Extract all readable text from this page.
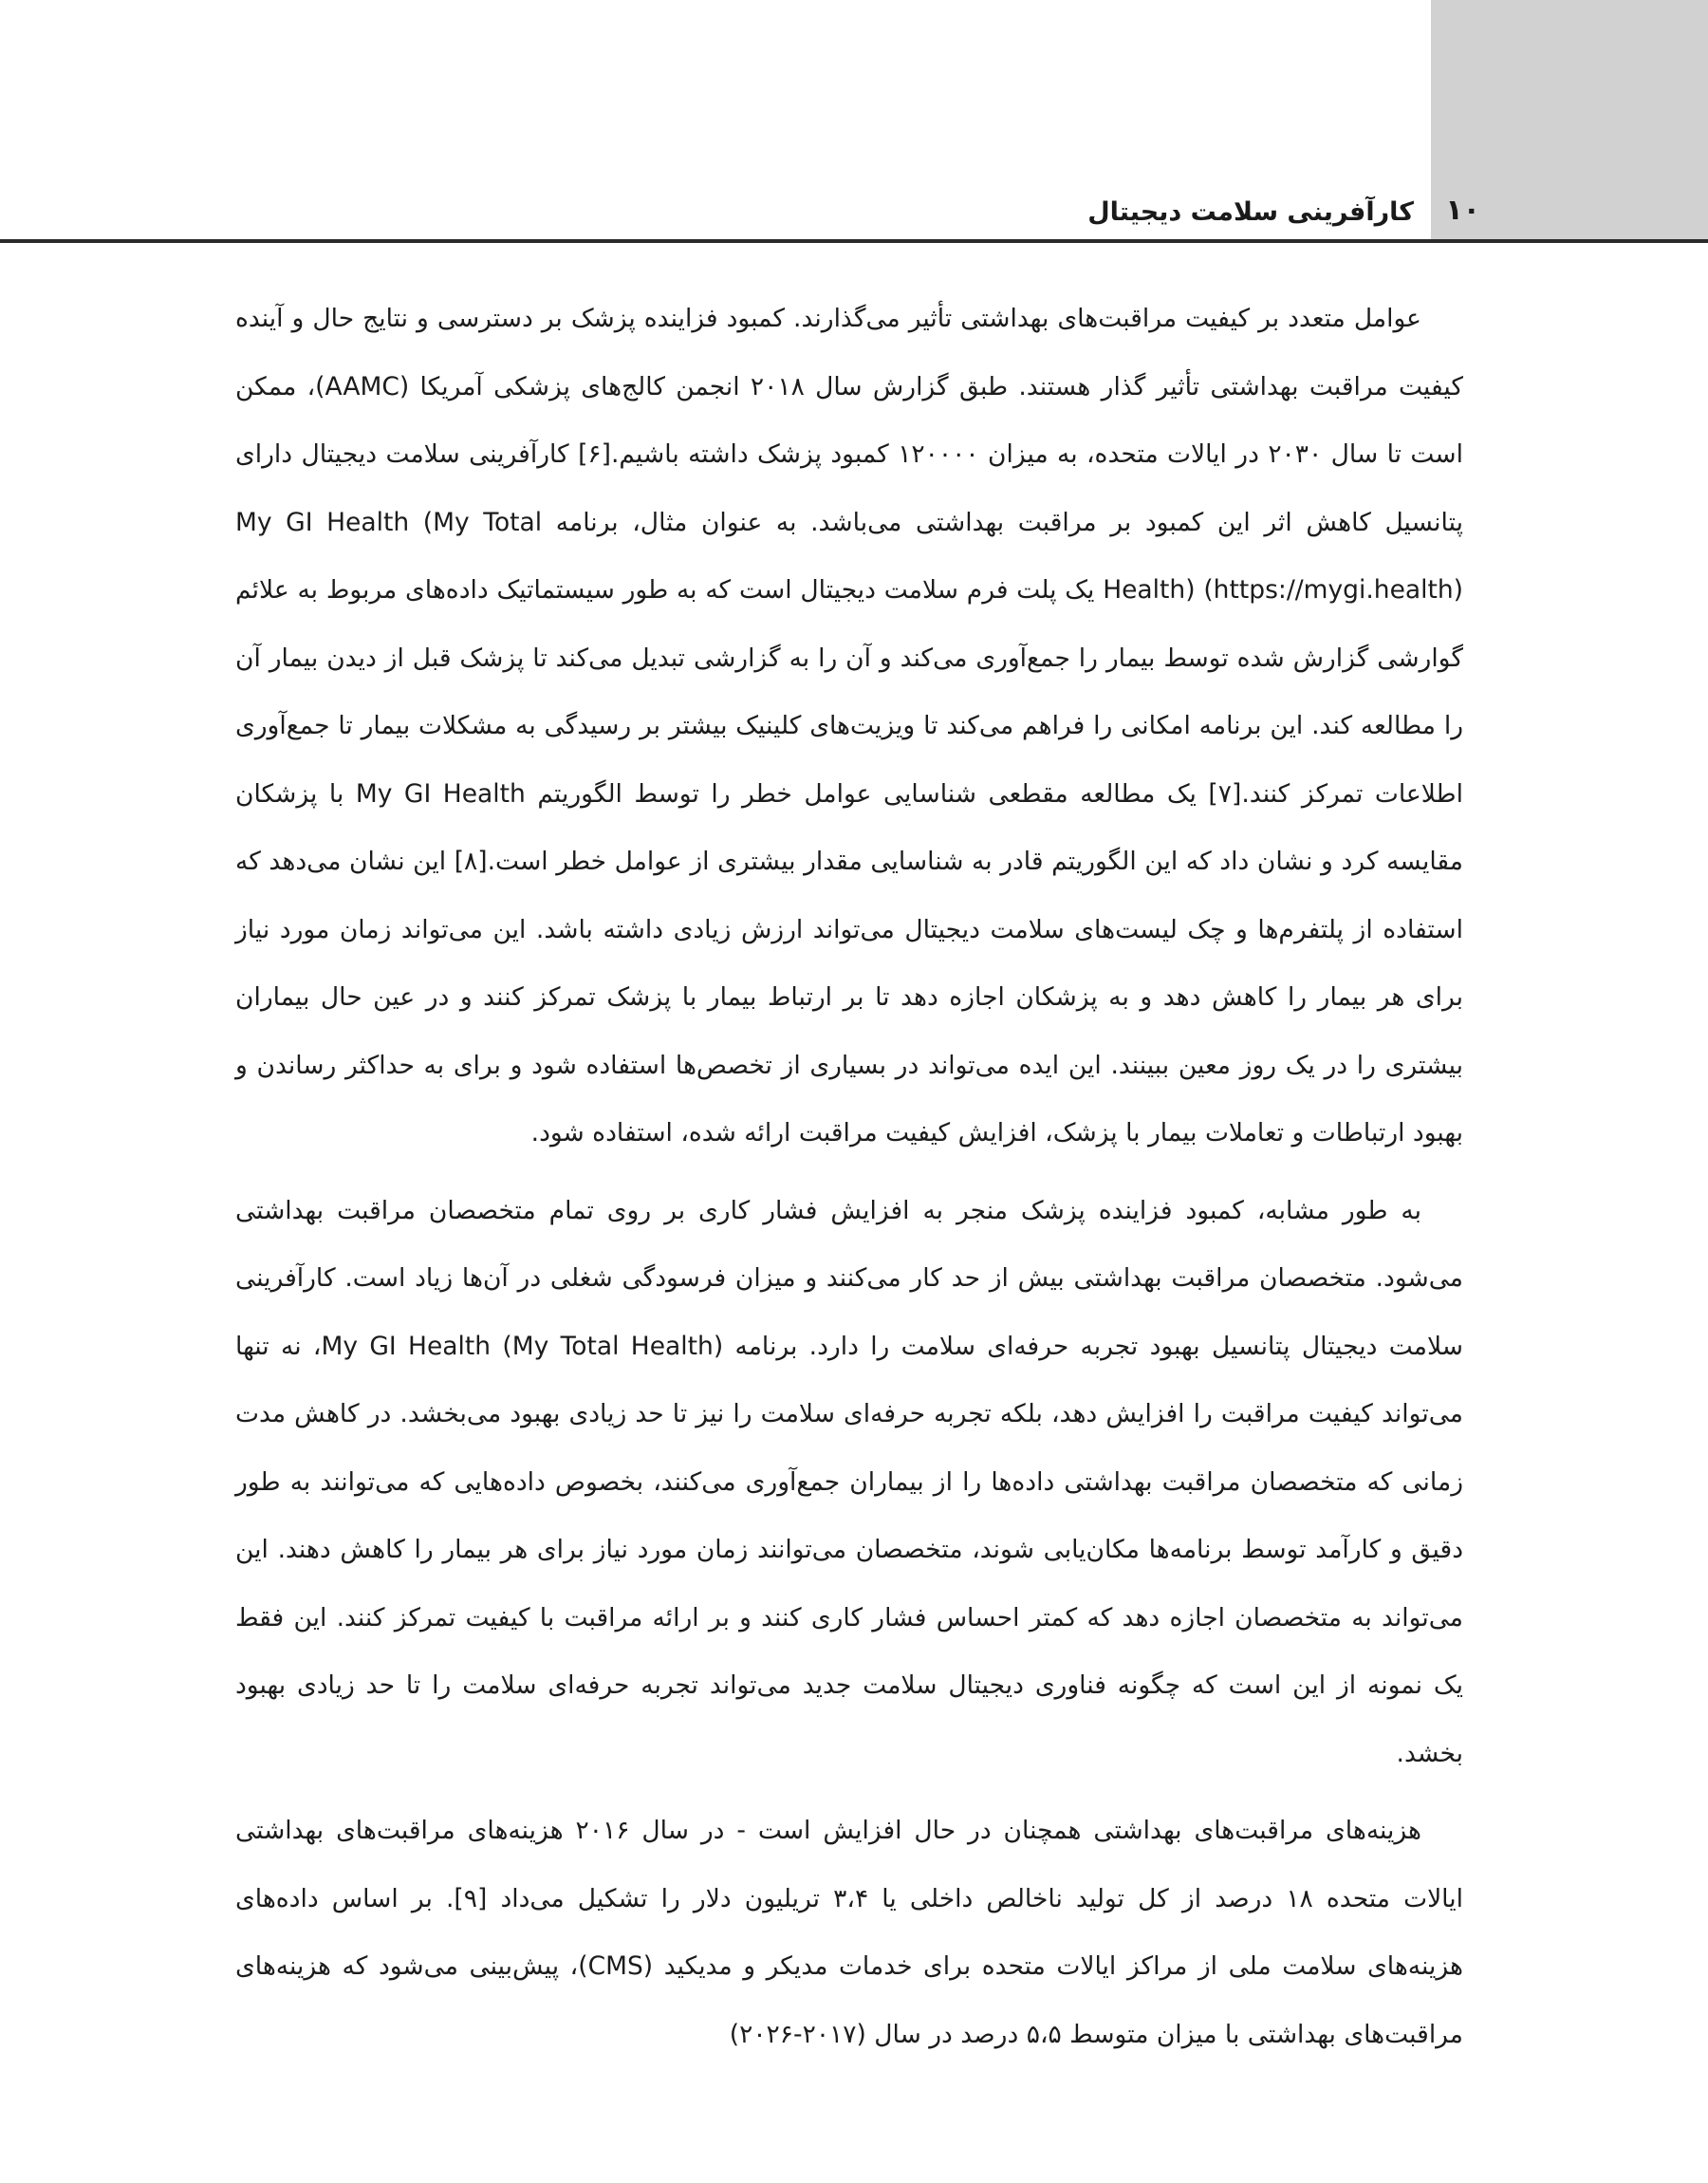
۱۰
کارآفرینی سلامت دیجیتال

عوامل متعدد بر کیفیت مراقبت‌های بهداشتی تأثیر می‌گذارند. کمبود فزاینده پزشک بر دسترسی و نتایج حال و آینده کیفیت مراقبت بهداشتی تأثیر گذار هستند. طبق گزارش سال ۲۰۱۸ انجمن کالج‌های پزشکی آمریکا (AAMC)، ممکن است تا سال ۲۰۳۰ در ایالات متحده، به میزان ۱۲۰۰۰۰ کمبود پزشک داشته باشیم.[۶] کارآفرینی سلامت دیجیتال دارای پتانسیل کاهش اثر این کمبود بر مراقبت بهداشتی می‌باشد. به عنوان مثال، برنامه My GI Health (My Total Health) (https://mygi.health) یک پلت فرم سلامت دیجیتال است که به طور سیستماتیک داده‌های مربوط به علائم گوارشی گزارش شده توسط بیمار را جمع‌آوری می‌کند و آن را به گزارشی تبدیل می‌کند تا پزشک قبل از دیدن بیمار آن را مطالعه کند. این برنامه امکانی را فراهم می‌کند تا ویزیت‌های کلینیک بیشتر بر رسیدگی به مشکلات بیمار تا جمع‌آوری اطلاعات تمرکز کنند.[۷] یک مطالعه مقطعی شناسایی عوامل خطر را توسط الگوریتم My GI Health با پزشکان مقایسه کرد و نشان داد که این الگوریتم قادر به شناسایی مقدار بیشتری از عوامل خطر است.[۸] این نشان می‌دهد که استفاده از پلتفرم‌ها و چک لیست‌های سلامت دیجیتال می‌تواند ارزش زیادی داشته باشد. این می‌تواند زمان مورد نیاز برای هر بیمار را کاهش دهد و به پزشکان اجازه دهد تا بر ارتباط بیمار با پزشک تمرکز کنند و در عین حال بیماران بیشتری را در یک روز معین ببینند. این ایده می‌تواند در بسیاری از تخصص‌ها استفاده شود و برای به حداکثر رساندن و بهبود ارتباطات و تعاملات بیمار با پزشک، افزایش کیفیت مراقبت ارائه شده، استفاده شود.

به طور مشابه، کمبود فزاینده پزشک منجر به افزایش فشار کاری بر روی تمام متخصصان مراقبت بهداشتی می‌شود. متخصصان مراقبت بهداشتی بیش از حد کار می‌کنند و میزان فرسودگی شغلی در آن‌ها زیاد است. کارآفرینی سلامت دیجیتال پتانسیل بهبود تجربه حرفه‌ای سلامت را دارد. برنامه My GI Health (My Total Health)، نه تنها می‌تواند کیفیت مراقبت را افزایش دهد، بلکه تجربه حرفه‌ای سلامت را نیز تا حد زیادی بهبود می‌بخشد. در کاهش مدت زمانی که متخصصان مراقبت بهداشتی داده‌ها را از بیماران جمع‌آوری می‌کنند، بخصوص داده‌هایی که می‌توانند به طور دقیق و کارآمد توسط برنامه‌ها مکان‌یابی شوند، متخصصان می‌توانند زمان مورد نیاز برای هر بیمار را کاهش دهند. این می‌تواند به متخصصان اجازه دهد که کمتر احساس فشار کاری کنند و بر ارائه مراقبت با کیفیت تمرکز کنند. این فقط یک نمونه از این است که چگونه فناوری دیجیتال سلامت جدید می‌تواند تجربه حرفه‌ای سلامت را تا حد زیادی بهبود بخشد.

هزینه‌های مراقبت‌های بهداشتی همچنان در حال افزایش است - در سال ۲۰۱۶ هزینه‌های مراقبت‌های بهداشتی ایالات متحده ۱۸ درصد از کل تولید ناخالص داخلی یا ۳،۴ تریلیون دلار را تشکیل می‌داد [۹]. بر اساس داده‌های هزینه‌های سلامت ملی از مراکز ایالات متحده برای خدمات مدیکر و مدیکید (CMS)، پیش‌بینی می‌شود که هزینه‌های مراقبت‌های بهداشتی با میزان متوسط ۵،۵ درصد در سال (۲۰۱۷-۲۰۲۶)
